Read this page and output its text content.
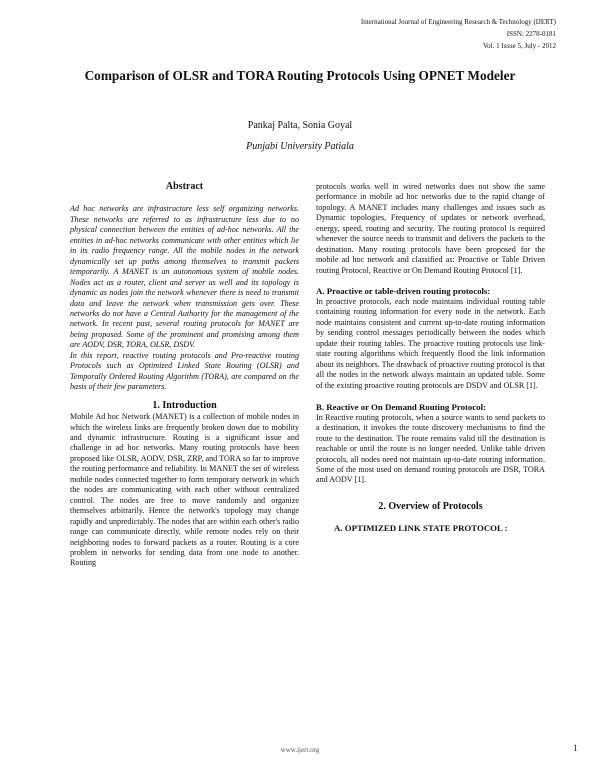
International Journal of Engineering Research & Technology (IJERT)
ISSN: 2278-0181
Vol. 1 Issue 5, July - 2012
Comparison of OLSR and TORA Routing Protocols Using OPNET Modeler
Pankaj Palta, Sonia Goyal
Punjabi University Patiala
Abstract

Ad hoc networks are infrastructure less self organizing networks. These networks are referred to as infrastructure less due to no physical connection between the entities of ad-hoc networks. All the entities in ad-hoc networks communicate with other entities which lie in its radio frequency range. All the mobile nodes in the network dynamically set up paths among themselves to transmit packets temporarily. A MANET is an autonomous system of mobile nodes. Nodes act as a router, client and server as well and its topology is dynamic as nodes join the network whenever there is need to transmit data and leave the network when transmission gets over. These networks do not have a Central Authority for the management of the network. In recent past, several routing protocols for MANET are being proposed. Some of the prominent and promising among them are AODV, DSR, TORA, OLSR, DSDV.

In this report, reactive routing protocols and Pro-reactive routing Protocols such as Optimized Linked State Routing (OLSR) and Temporally Ordered Routing Algorithm (TORA), are compared on the basis of their few parameters.

1. Introduction

Mobile Ad hoc Network (MANET) is a collection of mobile nodes in which the wireless links are frequently broken down due to mobility and dynamic infrastructure. Routing is a significant issue and challenge in ad hoc networks. Many routing protocols have been proposed like OLSR, AODV, DSR, ZRP, and TORA so far to improve the routing performance and reliability. In MANET the set of wireless mobile nodes connected together to form temporary network in which the nodes are communicating with each other without centralized control. The nodes are free to move randomly and organize themselves arbitrarily. Hence the network's topology may change rapidly and unpredictably. The nodes that are within each other's radio range can communicate directly, while remote nodes rely on their neighboring nodes to forward packets as a router. Routing is a core problem in networks for sending data from one node to another. Routing

protocols works well in wired networks does not show the same performance in mobile ad hoc networks due to the rapid change of topology. A MANET includes many challenges and issues such as Dynamic topologies, Frequency of updates or network overhead, energy, speed, routing and security. The routing protocol is required whenever the source needs to transmit and delivers the packets to the destination. Many routing protocols have been proposed for the mobile ad hoc network and classified as: Proactive or Table Driven routing Protocol, Reactive or On Demand Routing Protocol [1].

A. Proactive or table-driven routing protocols:

In proactive protocols, each node maintains individual routing table containing routing information for every node in the network. Each node maintains consistent and current up-to-date routing information by sending control messages periodically between the nodes which update their routing tables. The proactive routing protocols use link-state routing algorithms which frequently flood the link information about its neighbors. The drawback of proactive routing protocol is that all the nodes in the network always maintain an updated table. Some of the existing proactive routing protocols are DSDV and OLSR [1].

B. Reactive or On Demand Routing Protocol:

In Reactive routing protocols, when a source wants to send packets to a destination, it invokes the route discovery mechanisms to find the route to the destination. The route remains valid till the destination is reachable or until the route is no longer needed. Unlike table driven protocols, all nodes need not maintain up-to-date routing information. Some of the most used on demand routing protocols are DSR, TORA and AODV [1].

2. Overview of Protocols
A. OPTIMIZED LINK STATE PROTOCOL :
www.ijert.org	1
